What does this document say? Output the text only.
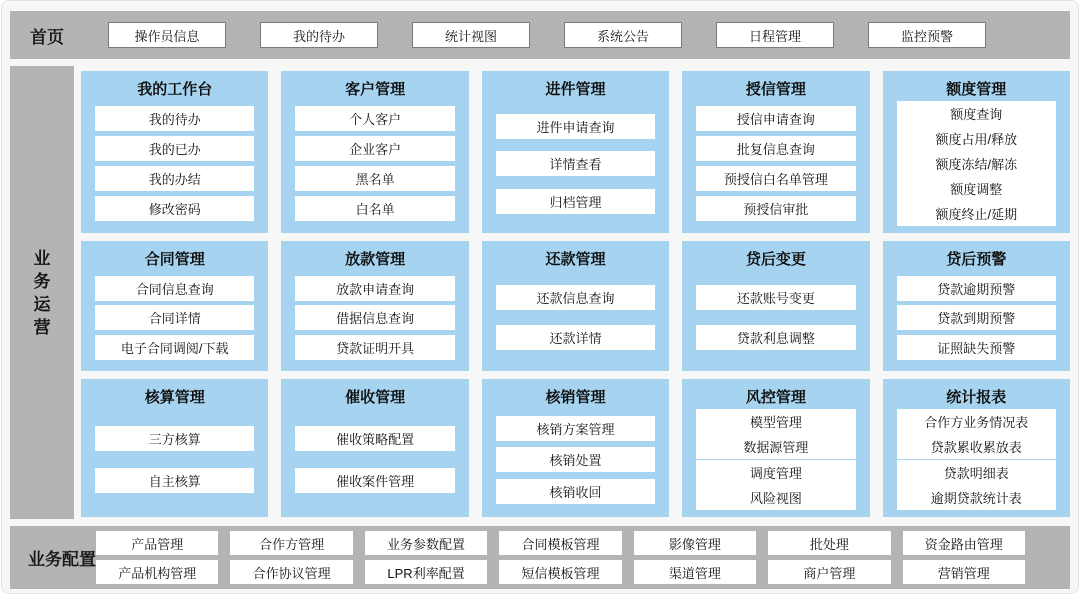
首页	操作员信息	我的待办	统计视图	系统公告	日程管理	监控预警
业
务
运
营
我的工作台
我的待办
我的已办
我的办结
修改密码
客户管理
个人客户
企业客户
黑名单
白名单
进件管理
进件申请查询
详情查看
归档管理
授信管理
授信申请查询
批复信息查询
预授信白名单管理
预授信审批
额度管理
额度查询
额度占用/释放
额度冻结/解冻
额度调整
额度终止/延期
合同管理
合同信息查询
合同详情
电子合同调阅/下载
放款管理
放款申请查询
借据信息查询
贷款证明开具
还款管理
还款信息查询
还款详情
贷后变更
还款账号变更
贷款利息调整
贷后预警
贷款逾期预警
贷款到期预警
证照缺失预警
核算管理
三方核算
自主核算
催收管理
催收策略配置
催收案件管理
核销管理
核销方案管理
核销处置
核销收回
风控管理
模型管理
数据源管理
调度管理
风险视图
统计报表
合作方业务情况表
贷款累收累放表
贷款明细表
逾期贷款统计表
业务配置
产品管理
产品机构管理
合作方管理
合作协议管理
业务参数配置
LPR利率配置
合同模板管理
短信模板管理
影像管理
渠道管理
批处理
商户管理
资金路由管理
营销管理
